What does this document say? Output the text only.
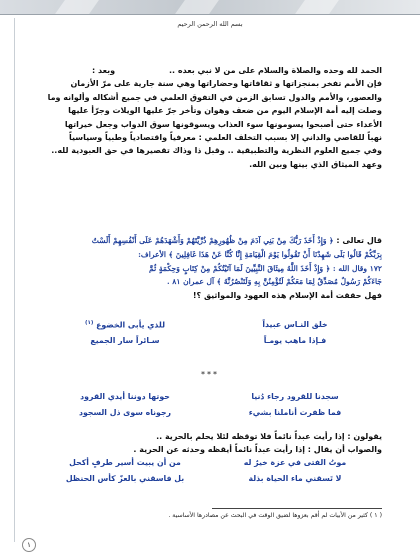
بسم الله الرحمن الرحيم
الحمد لله وحده والصلاة والسلام على من لا نبي بعده ..
وبعد :
فإن الأمم تفخر بمنجزاتها و ثقافاتها وحضاراتها وهي سنة جارية على مرّ الأزمان
والعصور، والأمم والدول تسابق الزمن في التفوق العلمي في جميع أشكاله وألوانه وما
وصلت إليه أمة الإسلام اليوم من ضعف وهوان وتأخر جرّ عليها الويلات وجرّأ عليها
الأعداء حتى أصبحوا يسومونها سوء العذاب ويسوقونها سوق الدواب وجعل خيراتها
نهباً للقاصي والداني إلا بسبب التخلف العلمي : معرفياً واقتصادياً وطبياً وسياسياً
وفي جميع العلوم النظرية والتطبيقية .. وقبل ذا وذاك تقصيرها في حق العبودية لله..
وعهد الميثاق الذي بينها وبين الله.
قال تعالى : ﴿ وَإِذْ أَخَذَ رَبُّكَ مِنْ بَنِي آدَمَ مِنْ ظُهُورِهِمْ ذُرِّيَّتَهُمْ وَأَشْهَدَهُمْ عَلَى أَنْفُسِهِمْ أَلَسْتُ
بِرَبِّكُمْ قَالُوا بَلَى شَهِدْنَا أَنْ تَقُولُوا يَوْمَ الْقِيَامَةِ إِنَّا كُنَّا عَنْ هَذَا غَافِلِينَ ﴾ الأعراف:
١٧٢ وقال الله : ﴿ وَإِذْ أَخَذَ اللَّهُ مِيثَاقَ النَّبِيِّينَ لَمَا آتَيْتُكُمْ مِنْ كِتَابٍ وَحِكْمَةٍ ثُمَّ
جَاءَكُمْ رَسُولٌ مُصَدِّقٌ لِمَا مَعَكُمْ لَتُؤْمِنُنَّ بِهِ وَلَتَنْصُرُنَّهُ ﴾ آل عمران ٨١ .
فهل حققت أمة الإسلام هذه العهود والمواثيق ؟!
خلق النـاس عبيداً
للذي يأبى الخضوع $^{(١)}$
فـإذا ماهب يومـاً
سـائراً سار الجميع
***
سجدنا للقرود رجاء دُنيا
حوتها دوننا أيدي القرود
فما ظفرت أناملنا بشيء
رجوناه سوى ذل السجود
يقولون : إذا رأيت عبداً نائماً فلا توقظه لئلا يحلم بالحرية ..
والصواب أن يقال : إذا رأيت عبداً نائماً أيقظه وحدثه عن الحرية .
موتُ الفتى في عزة خيرٌ له
من أن يبيت أسير طرفٍ أكحل
لا تَسقني ماء الحياة بذلة
بل فاسقني بالعزّ كأس الحنظل
( ١ ) كثير من الأبيات لم أقم بعزوها لضيق الوقت في البحث عن مصادرها الأساسية .
١
